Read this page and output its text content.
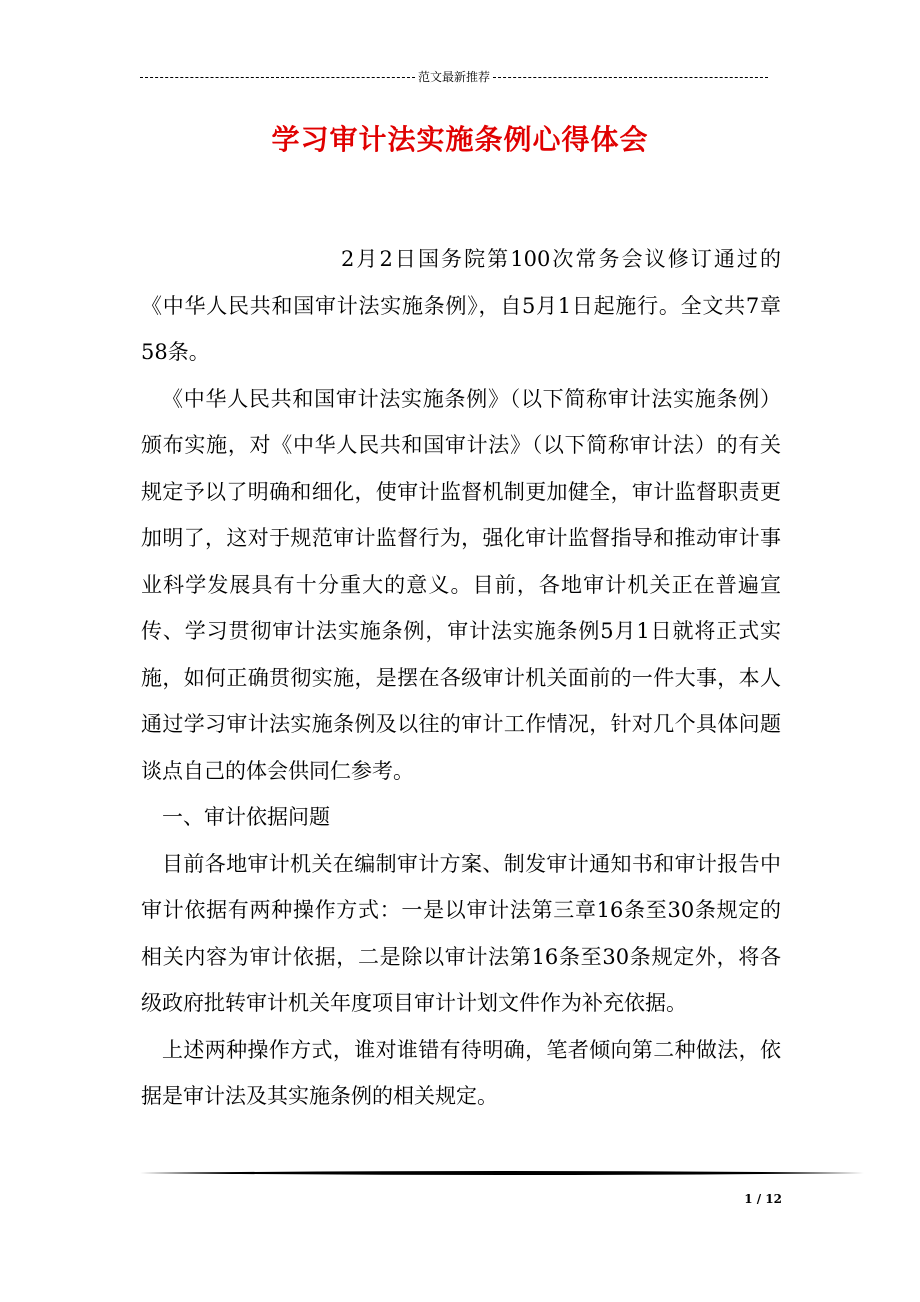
范文最新推荐
学习审计法实施条例心得体会

2月2日国务院第100次常务会议修订通过的《中华人民共和国审计法实施条例》，自5月1日起施行。全文共7章58条。

《中华人民共和国审计法实施条例》（以下简称审计法实施条例）颁布实施，对《中华人民共和国审计法》（以下简称审计法）的有关规定予以了明确和细化，使审计监督机制更加健全，审计监督职责更加明了，这对于规范审计监督行为，强化审计监督指导和推动审计事业科学发展具有十分重大的意义。目前，各地审计机关正在普遍宣传、学习贯彻审计法实施条例，审计法实施条例5月1日就将正式实施，如何正确贯彻实施，是摆在各级审计机关面前的一件大事，本人通过学习审计法实施条例及以往的审计工作情况，针对几个具体问题谈点自己的体会供同仁参考。

一、审计依据问题

目前各地审计机关在编制审计方案、制发审计通知书和审计报告中审计依据有两种操作方式：一是以审计法第三章16条至30条规定的相关内容为审计依据，二是除以审计法第16条至30条规定外，将各级政府批转审计机关年度项目审计计划文件作为补充依据。

上述两种操作方式，谁对谁错有待明确，笔者倾向第二种做法，依据是审计法及其实施条例的相关规定。

1 / 12
